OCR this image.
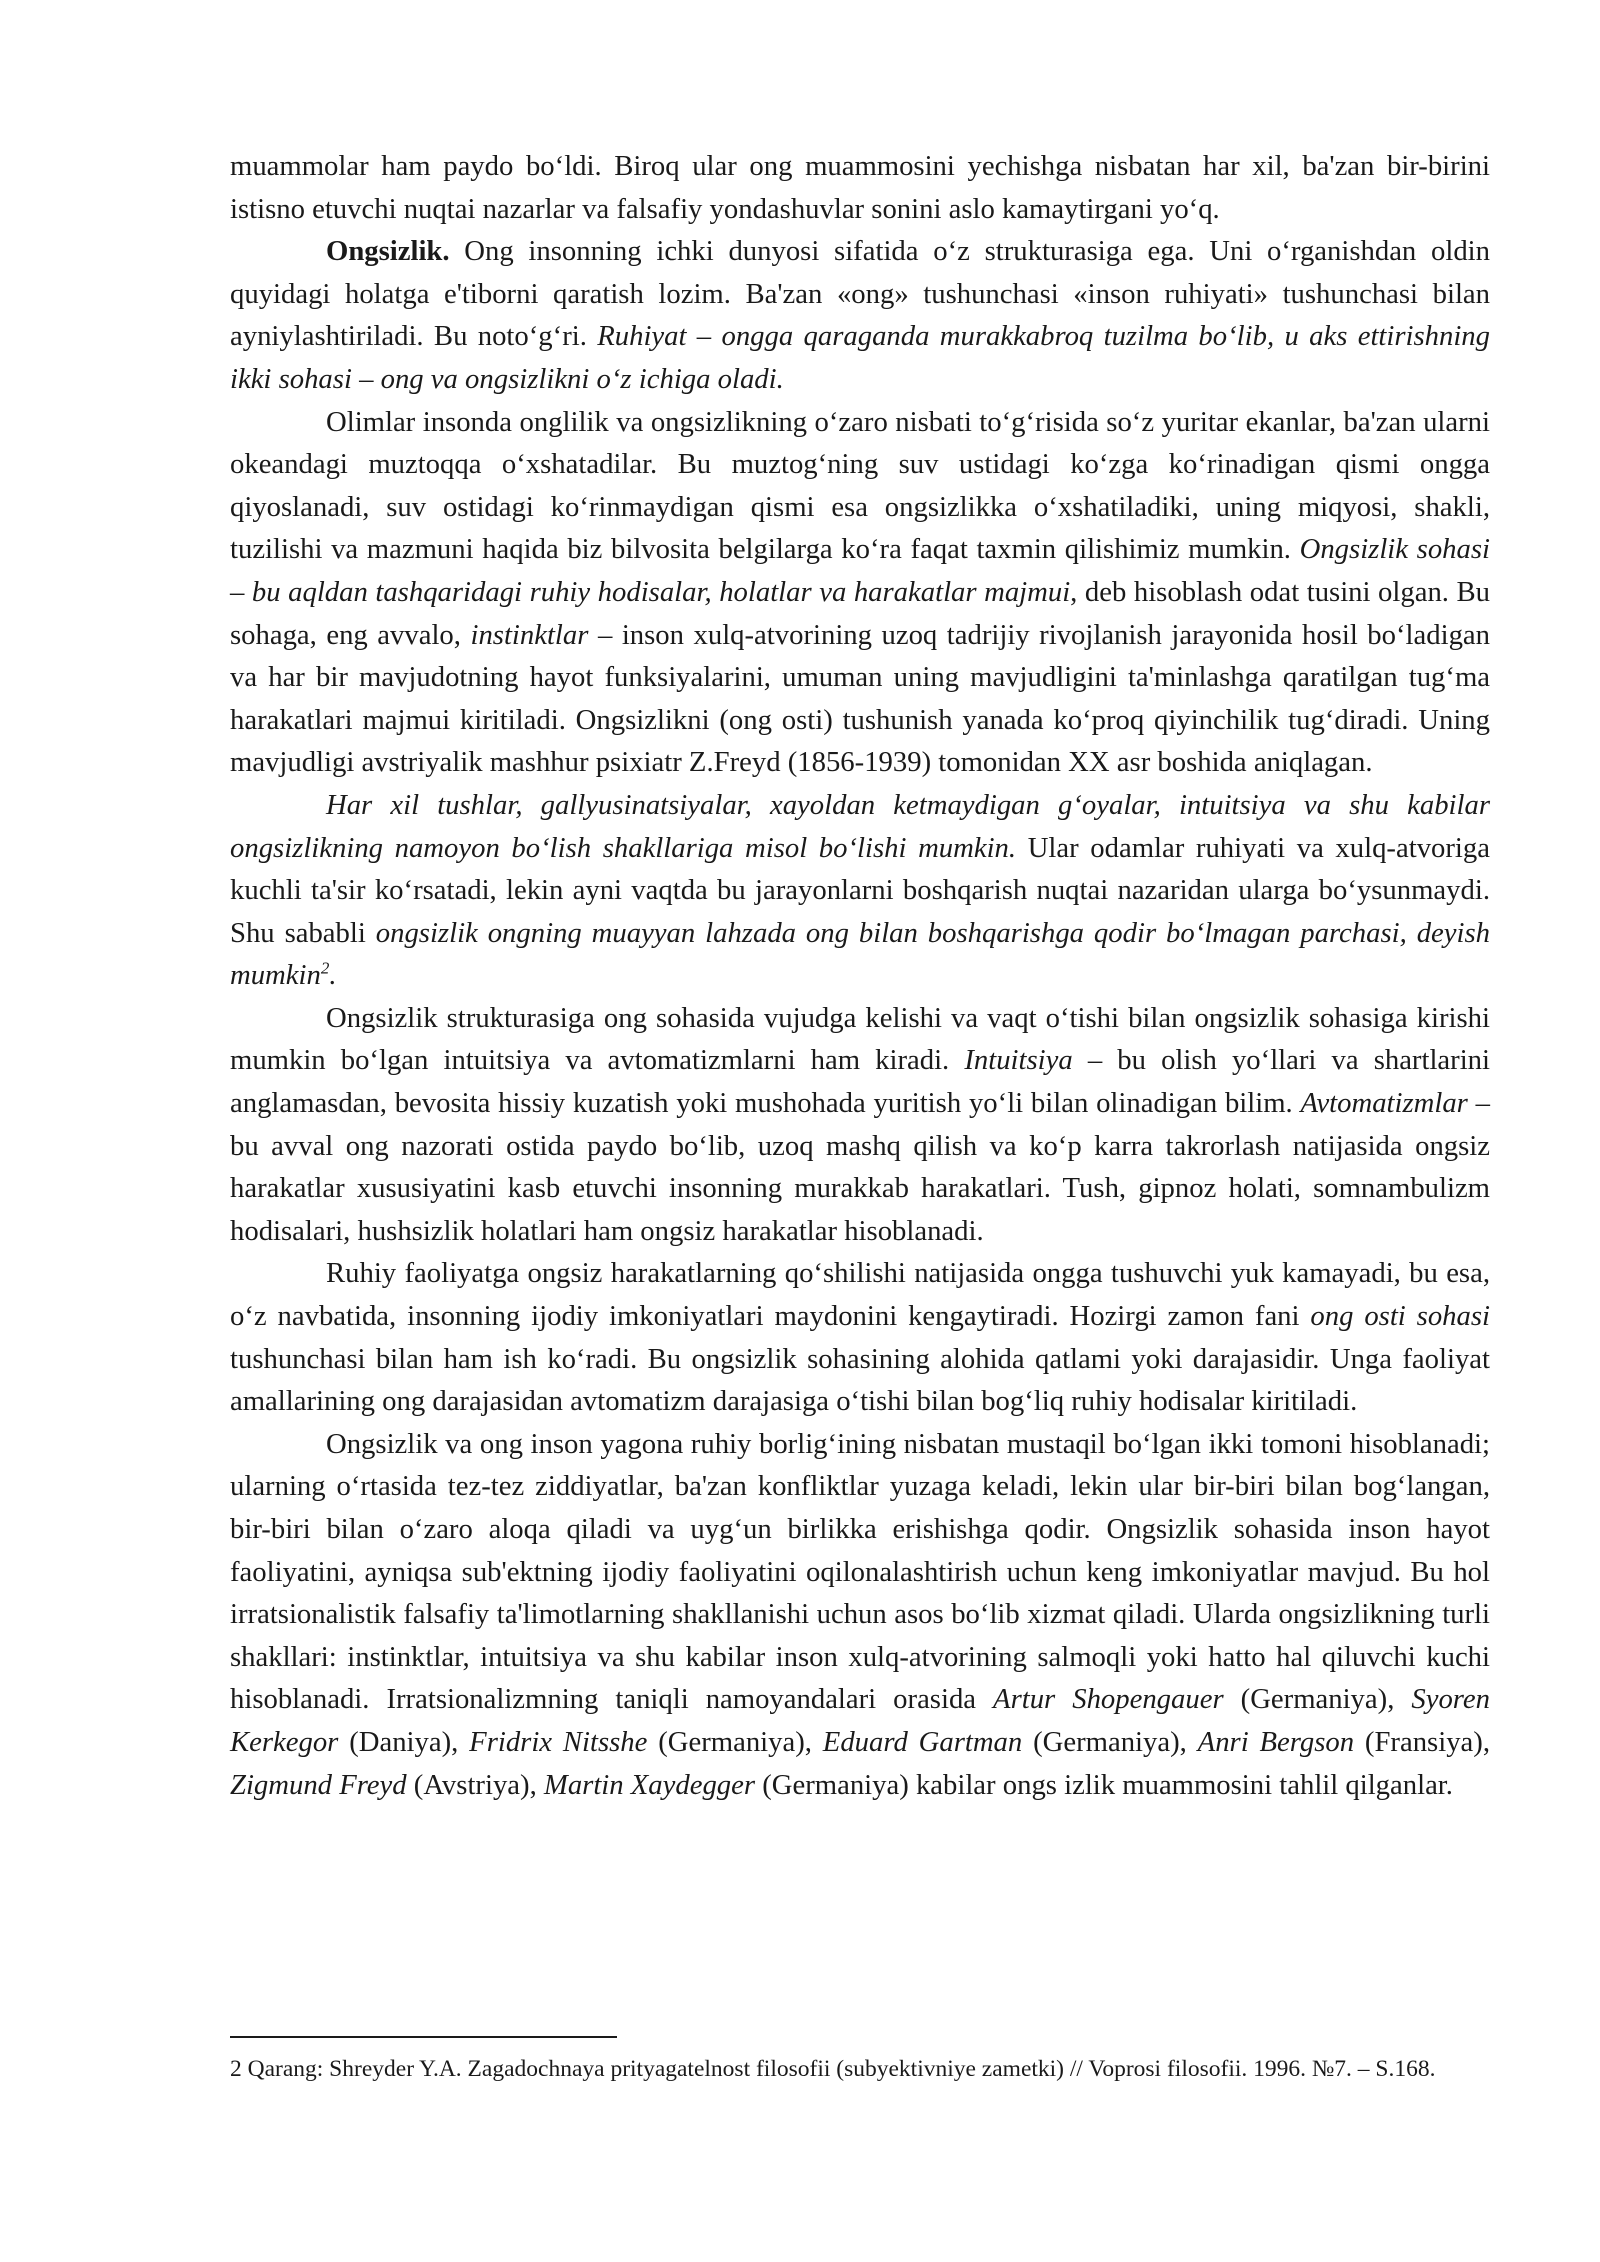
muammolar ham paydo bo‘ldi. Biroq ular ong muammosini yechishga nisbatan har xil, ba'zan bir-birini istisno etuvchi nuqtai nazarlar va falsafiy yondashuvlar sonini aslo kamaytirgani yo‘q.

Ongsizlik. Ong insonning ichki dunyosi sifatida o‘z strukturasiga ega. Uni o‘rganishdan oldin quyidagi holatga e'tiborni qaratish lozim. Ba'zan «ong» tushunchasi «inson ruhiyati» tushunchasi bilan ayniylashtiriladi. Bu noto‘g‘ri. Ruhiyat – ongga qaraganda murakkabroq tuzilma bo‘lib, u aks ettirishning ikki sohasi – ong va ongsizlikni o‘z ichiga oladi.

Olimlar insonda onglilik va ongsizlikning o‘zaro nisbati to‘g‘risida so‘z yuritar ekanlar, ba'zan ularni okeandagi muztoqqa o‘xshatadilar. Bu muztog‘ning suv ustidagi ko‘zga ko‘rinadigan qismi ongga qiyoslanadi, suv ostidagi ko‘rinmaydigan qismi esa ongsizlikka o‘xshatiladiki, uning miqyosi, shakli, tuzilishi va mazmuni haqida biz bilvosita belgilarga ko‘ra faqat taxmin qilishimiz mumkin. Ongsizlik sohasi – bu aqldan tashqaridagi ruhiy hodisalar, holatlar va harakatlar majmui, deb hisoblash odat tusini olgan. Bu sohaga, eng avvalo, instinktlar – inson xulq-atvorining uzoq tadrijiy rivojlanish jarayonida hosil bo‘ladigan va har bir mavjudotning hayot funksiyalarini, umuman uning mavjudligini ta'minlashga qaratilgan tug‘ma harakatlari majmui kiritiladi. Ongsizlikni (ong osti) tushunish yanada ko‘proq qiyinchilik tug‘diradi. Uning mavjudligi avstriyalik mashhur psixiatr Z.Freyd (1856-1939) tomonidan XX asr boshida aniqlagan.

Har xil tushlar, gallyusinatsiyalar, xayoldan ketmaydigan g‘oyalar, intuitsiya va shu kabilar ongsizlikning namoyon bo‘lish shakllariga misol bo‘lishi mumkin. Ular odamlar ruhiyati va xulq-atvoriga kuchli ta'sir ko‘rsatadi, lekin ayni vaqtda bu jarayonlarni boshqarish nuqtai nazaridan ularga bo‘ysunmaydi. Shu sababli ongsizlik ongning muayyan lahzada ong bilan boshqarishga qodir bo‘lmagan parchasi, deyish mumkin$^2$.

Ongsizlik strukturasiga ong sohasida vujudga kelishi va vaqt o‘tishi bilan ongsizlik sohasiga kirishi mumkin bo‘lgan intuitsiya va avtomatizmlarni ham kiradi. Intuitsiya – bu olish yo‘llari va shartlarini anglamasdan, bevosita hissiy kuzatish yoki mushohada yuritish yo‘li bilan olinadigan bilim. Avtomatizmlar – bu avval ong nazorati ostida paydo bo‘lib, uzoq mashq qilish va ko‘p karra takrorlash natijasida ongsiz harakatlar xususiyatini kasb etuvchi insonning murakkab harakatlari. Tush, gipnoz holati, somnambulizm hodisalari, hushsizlik holatlari ham ongsiz harakatlar hisoblanadi.

Ruhiy faoliyatga ongsiz harakatlarning qo‘shilishi natijasida ongga tushuvchi yuk kamayadi, bu esa, o‘z navbatida, insonning ijodiy imkoniyatlari maydonini kengaytiradi. Hozirgi zamon fani ong osti sohasi tushunchasi bilan ham ish ko‘radi. Bu ongsizlik sohasining alohida qatlami yoki darajasidir. Unga faoliyat amallarining ong darajasidan avtomatizm darajasiga o‘tishi bilan bog‘liq ruhiy hodisalar kiritiladi.

Ongsizlik va ong inson yagona ruhiy borlig‘ining nisbatan mustaqil bo‘lgan ikki tomoni hisoblanadi; ularning o‘rtasida tez-tez ziddiyatlar, ba'zan konfliktlar yuzaga keladi, lekin ular bir-biri bilan bog‘langan, bir-biri bilan o‘zaro aloqa qiladi va uyg‘un birlikka erishishga qodir. Ongsizlik sohasida inson hayot faoliyatini, ayniqsa sub'ektning ijodiy faoliyatini oqilonalashtirish uchun keng imkoniyatlar mavjud. Bu hol irratsionalistik falsafiy ta'limotlarning shakllanishi uchun asos bo‘lib xizmat qiladi. Ularda ongsizlikning turli shakllari: instinktlar, intuitsiya va shu kabilar inson xulq-atvorining salmoqli yoki hatto hal qiluvchi kuchi hisoblanadi. Irratsionalizmning taniqli namoyandalari orasida Artur Shopengauer (Germaniya), Syoren Kerkegor (Daniya), Fridrix Nitsshe (Germaniya), Eduard Gartman (Germaniya), Anri Bergson (Fransiya), Zigmund Freyd (Avstriya), Martin Xaydegger (Germaniya) kabilar ongs izlik muammosini tahlil qilganlar.

2 Qarang: Shreyder Y.A. Zagadochnaya prityagatelnost filosofii (subyektivniye zametki) // Voprosi filosofii. 1996. №7. – S.168.
